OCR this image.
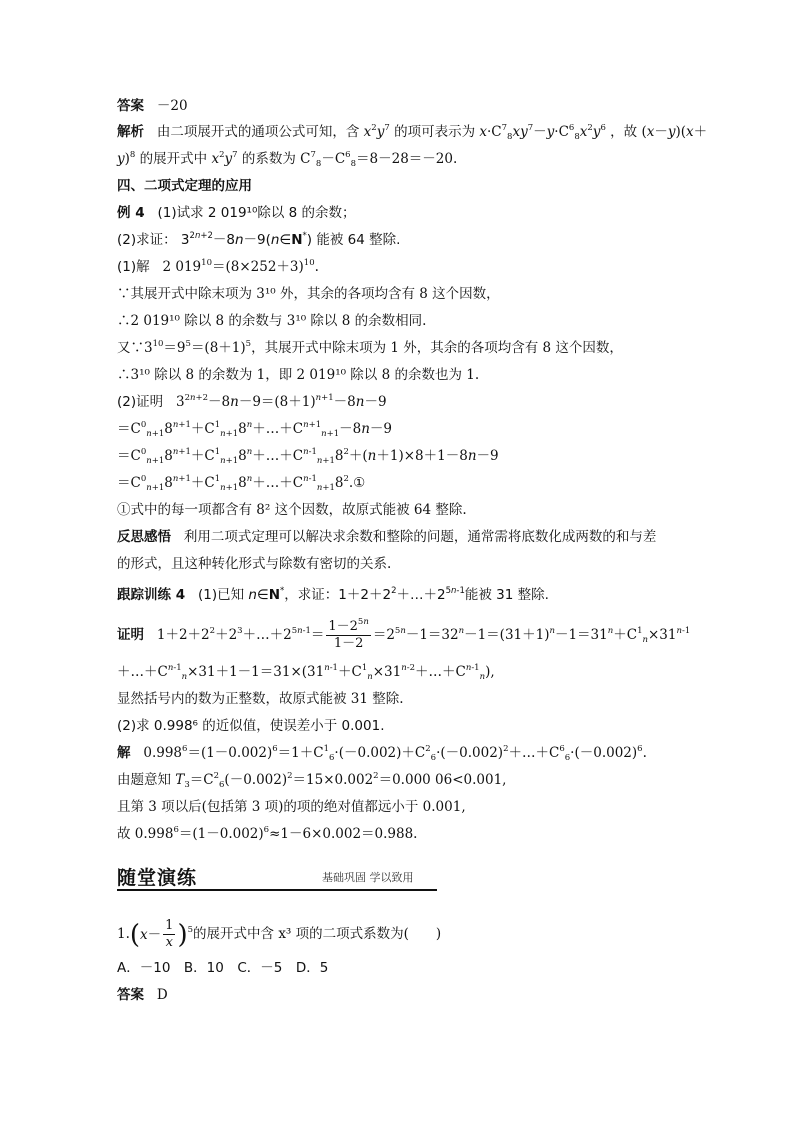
答案 －20
解析 由二项展开式的通项公式可知，含 $x^2y^7$ 的项可表示为 $x\cdot C^7_8xy^7-y\cdot C^6_8x^2y^6$ ，故 (x－y)(x＋
y)$^8$ 的展开式中 $x^2y^7$ 的系数为 $C^7_8-C^6_8=8-28=-20$.
四、二项式定理的应用
例 4 (1)试求 2 019¹⁰除以 8 的余数；
(2)求证： $3^{2n+2}-8n-9(n\in N^*)$ 能被 64 整除.
(1)解 2 $019^{10}=(8\times 252+3)^{10}$.
∵其展开式中除末项为 3¹⁰ 外，其余的各项均含有 8 这个因数，
∴2 019¹⁰ 除以 8 的余数与 3¹⁰ 除以 8 的余数相同.
又$\because 3^{10}=9^5=(8+1)^5$，其展开式中除末项为 1 外，其余的各项均含有 8 这个因数，
∴3¹⁰ 除以 8 的余数为 1，即 2 019¹⁰ 除以 8 的余数也为 1.
(2)证明 $3^{2n+2}-8n-9=(8+1)^{n+1}-8n-9$
$=C^0_{n+1}8^{n+1}+C^1_{n+1}8^n+\dots+C^{n+1}_{n+1}-8n-9$
$=C^0_{n+1}8^{n+1}+C^1_{n+1}8^n+\dots+C^{n-1}_{n+1}8^2+(n+1)\times 8+1-8n-9$
$=C^0_{n+1}8^{n+1}+C^1_{n+1}8^n+\dots+C^{n-1}_{n+1}8^2.①$
①式中的每一项都含有 8² 这个因数，故原式能被 64 整除.
反思感悟 利用二项式定理可以解决求余数和整除的问题，通常需将底数化成两数的和与差
的形式，且这种转化形式与除数有密切的关系.
跟踪训练 4 (1)已知 n∈N*，求证：$1+2+2^2+\dots+2^{5n-1}$能被 31 整除.
证明   $1+2+2^2+2^3+\dots+2^{5n-1}= \frac{1-2^{5n}}{1-2} =2^{5n}-1=32^n-1=(31+1)^n-1=31^n+C^1_n\times 31^{n-1}$
$+\dots+C^{n-1}_n\times 31+1-1=31\times(31^{n-1}+C^1_n\times 31^{n-2}+\dots+C^{n-1}_n)$,
显然括号内的数为正整数，故原式能被 31 整除.
(2)求 0.998⁶ 的近似值，使误差小于 0.001.
解   $0.998^6=(1-0.002)^6=1+C^1_6\cdot(-0.002)+C^2_6\cdot(-0.002)^2+\dots+C^6_6\cdot(-0.002)^6$.
由题意知 $T_3=C^2_6(-0.002)^2=15\times 0.002^2=0.000$ 06<0.001,
且第 3 项以后(包括第 3 项)的项的绝对值都远小于 0.001,
故 $0.998^6=(1-0.002)^6\approx 1-6\times 0.002=0.988$.
随堂演练	基础巩固 学以致用
$1.(x- \frac{1}{x} )^5$的展开式中含 x³ 项的二项式系数为(　　)
A．－10　B．10　C．－5　D．5
答案 D
